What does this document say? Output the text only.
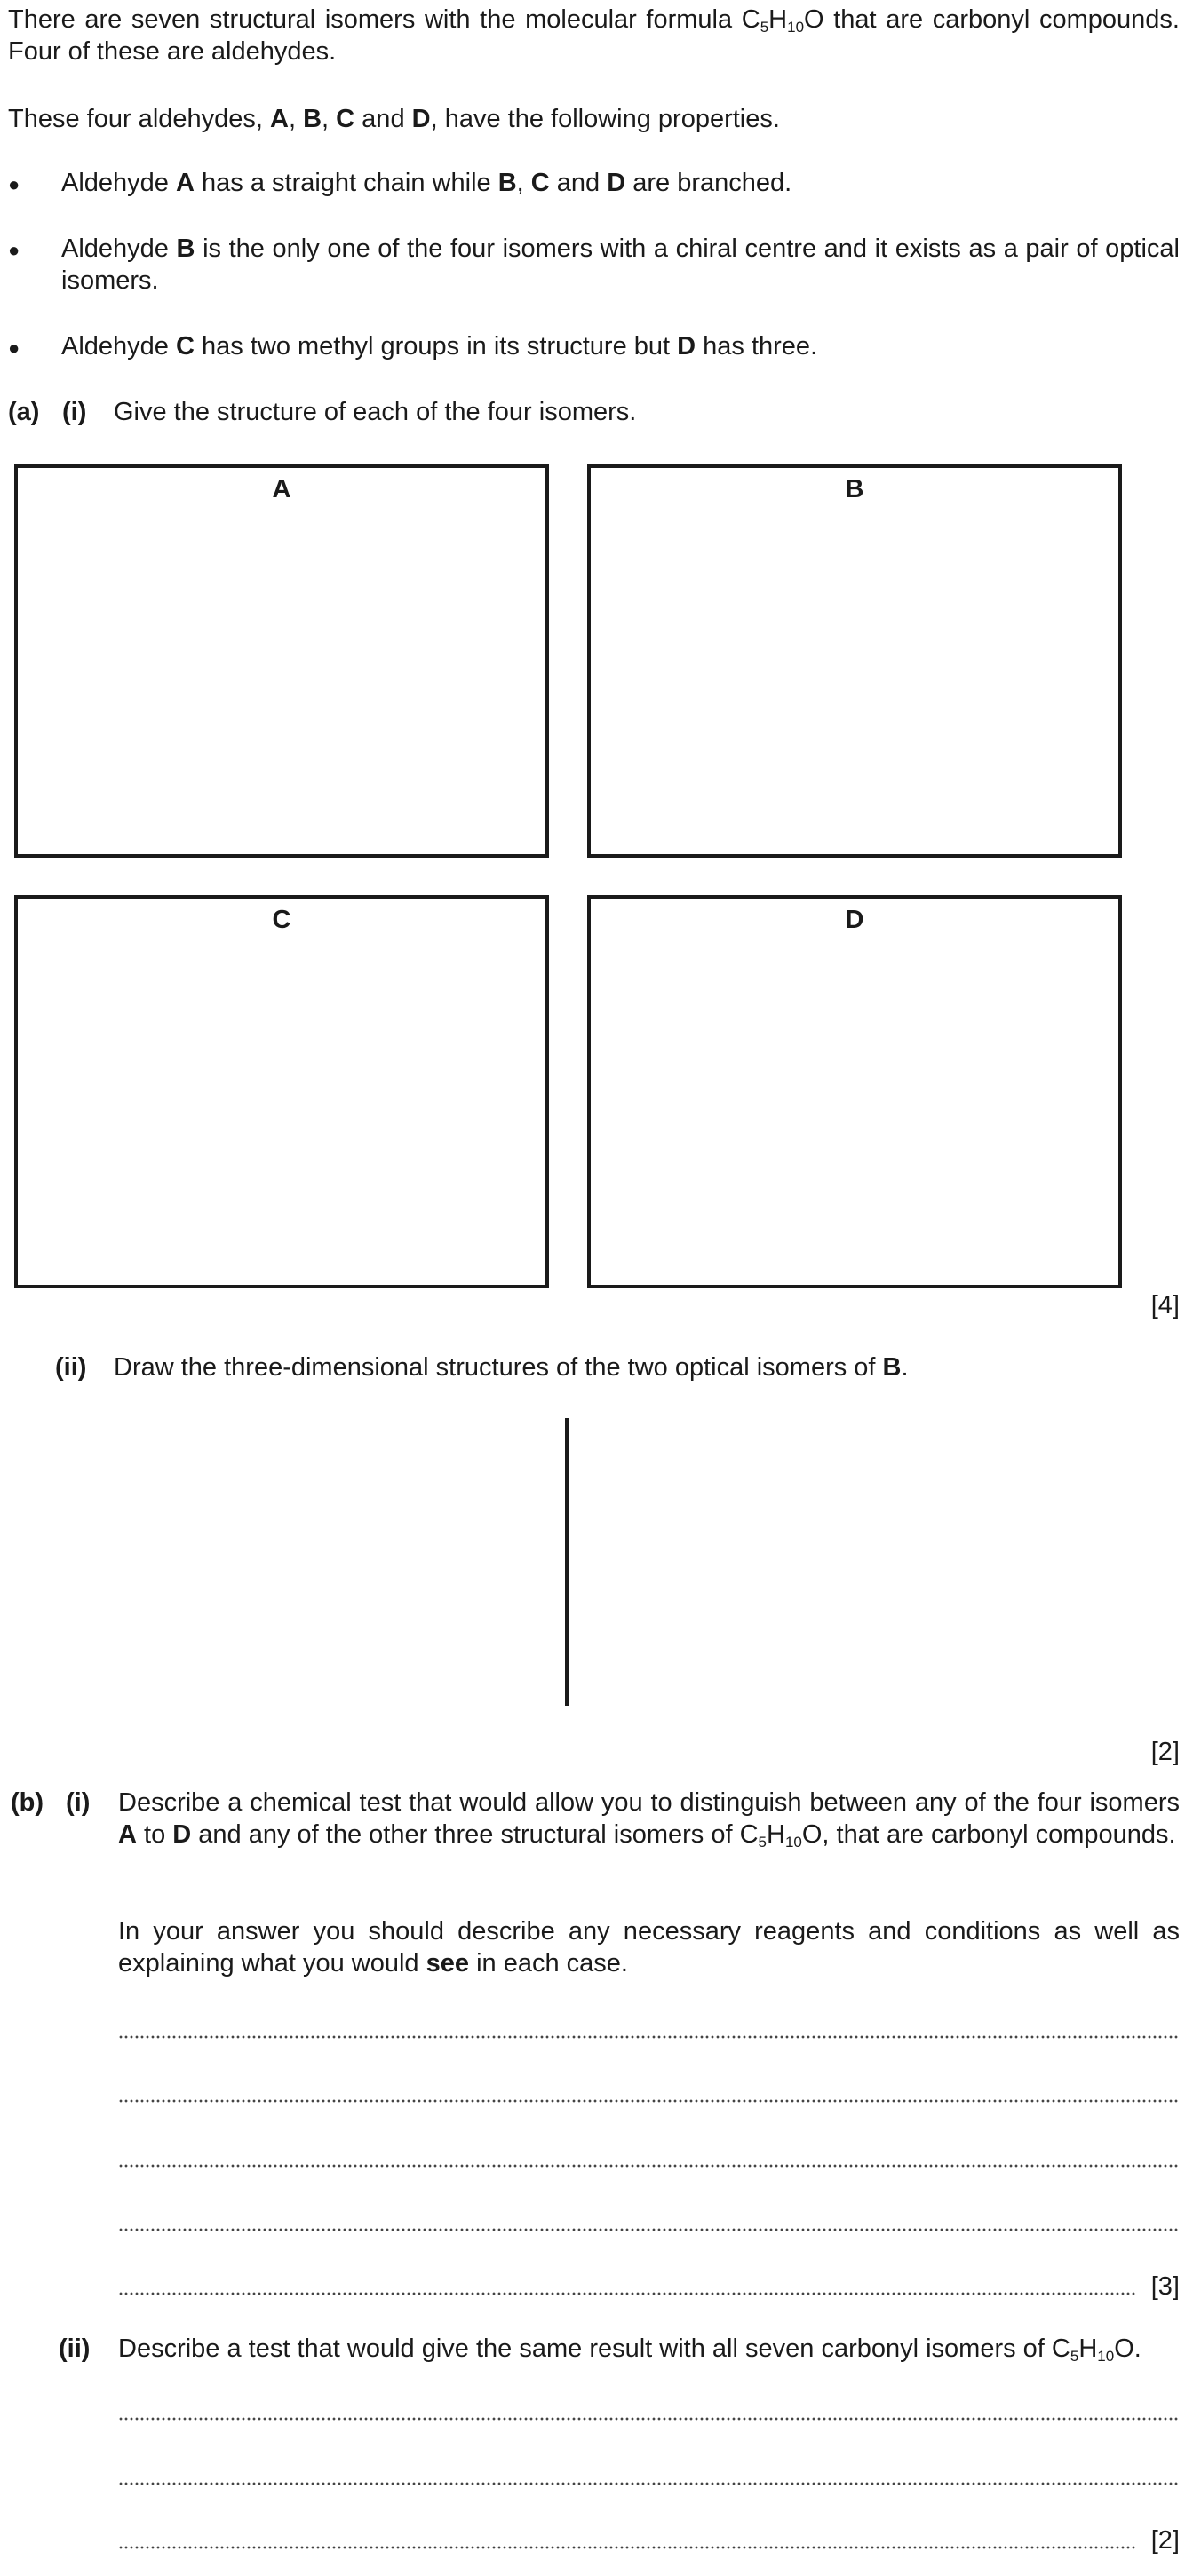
There are seven structural isomers with the molecular formula $C_5H_{10}O$ that are carbonyl compounds. Four of these are aldehydes.
These four aldehydes, A, B, C and D, have the following properties.
● Aldehyde A has a straight chain while B, C and D are branched.
● Aldehyde B is the only one of the four isomers with a chiral centre and it exists as a pair of optical isomers.
● Aldehyde C has two methyl groups in its structure but D has three.
(a) (i) Give the structure of each of the four isomers.
A	B
C	D
[4]
(ii) Draw the three-dimensional structures of the two optical isomers of B.
[2]
(b) (i) Describe a chemical test that would allow you to distinguish between any of the four isomers A to D and any of the other three structural isomers of $C_5H_{10}O$, that are carbonyl compounds.
In your answer you should describe any necessary reagents and conditions as well as explaining what you would see in each case.
[3]
(ii) Describe a test that would give the same result with all seven carbonyl isomers of $C_5H_{10}O$.
[2]
